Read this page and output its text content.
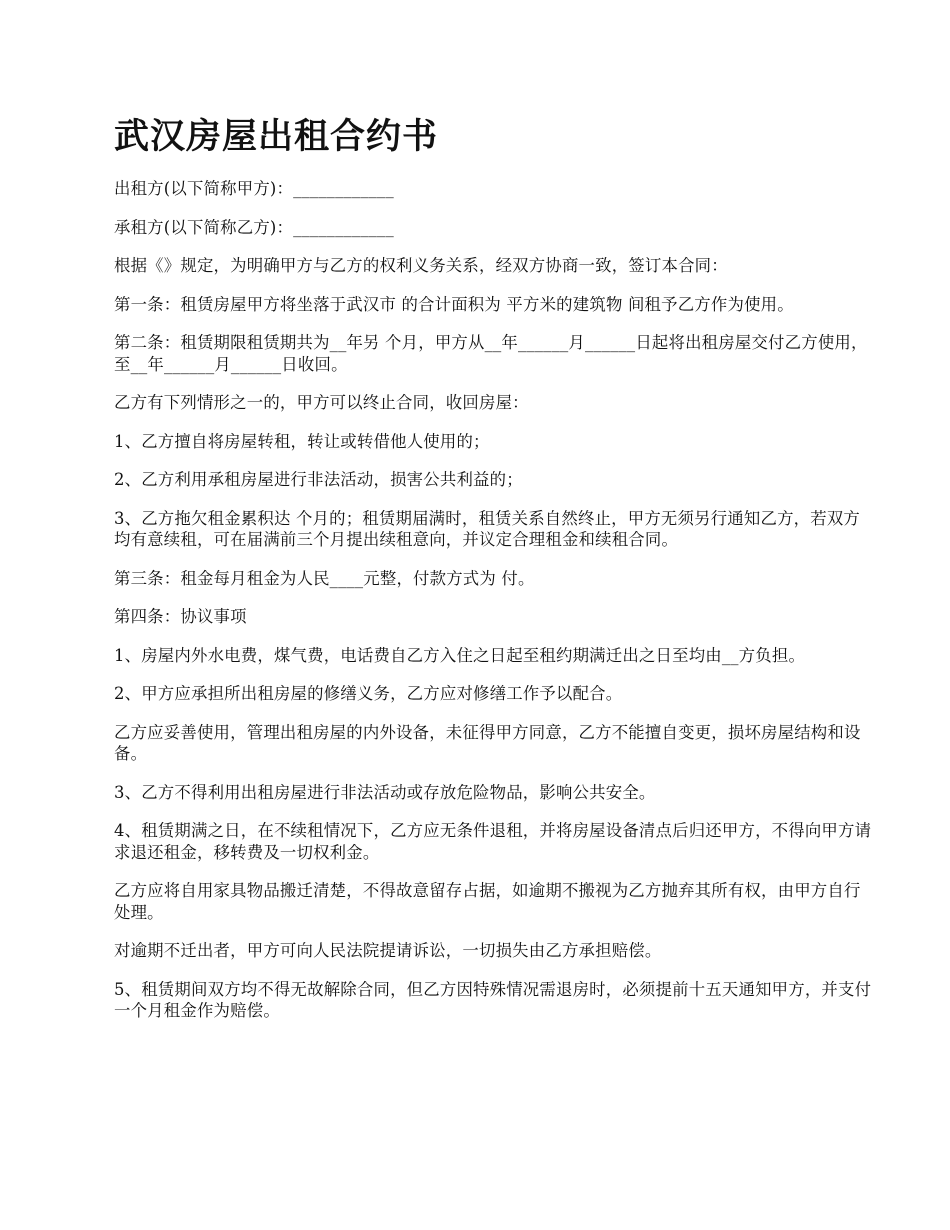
武汉房屋出租合约书

出租方(以下简称甲方)：____________

承租方(以下简称乙方)：____________

根据《》规定，为明确甲方与乙方的权利义务关系，经双方协商一致，签订本合同：

第一条：租赁房屋甲方将坐落于武汉市 的合计面积为 平方米的建筑物 间租予乙方作为使用。

第二条：租赁期限租赁期共为__年另 个月，甲方从__年______月______日起将出租房屋交付乙方使用，至__年______月______日收回。

乙方有下列情形之一的，甲方可以终止合同，收回房屋：

1、乙方擅自将房屋转租，转让或转借他人使用的；

2、乙方利用承租房屋进行非法活动，损害公共利益的；

3、乙方拖欠租金累积达 个月的；租赁期届满时，租赁关系自然终止，甲方无须另行通知乙方，若双方均有意续租，可在届满前三个月提出续租意向，并议定合理租金和续租合同。

第三条：租金每月租金为人民____元整，付款方式为 付。

第四条：协议事项

1、房屋内外水电费，煤气费，电话费自乙方入住之日起至租约期满迁出之日至均由__方负担。

2、甲方应承担所出租房屋的修缮义务，乙方应对修缮工作予以配合。

乙方应妥善使用，管理出租房屋的内外设备，未征得甲方同意，乙方不能擅自变更，损坏房屋结构和设备。

3、乙方不得利用出租房屋进行非法活动或存放危险物品，影响公共安全。

4、租赁期满之日，在不续租情况下，乙方应无条件退租，并将房屋设备清点后归还甲方，不得向甲方请求退还租金，移转费及一切权利金。

乙方应将自用家具物品搬迁清楚，不得故意留存占据，如逾期不搬视为乙方抛弃其所有权，由甲方自行处理。

对逾期不迁出者，甲方可向人民法院提请诉讼，一切损失由乙方承担赔偿。

5、租赁期间双方均不得无故解除合同，但乙方因特殊情况需退房时，必须提前十五天通知甲方，并支付一个月租金作为赔偿。
